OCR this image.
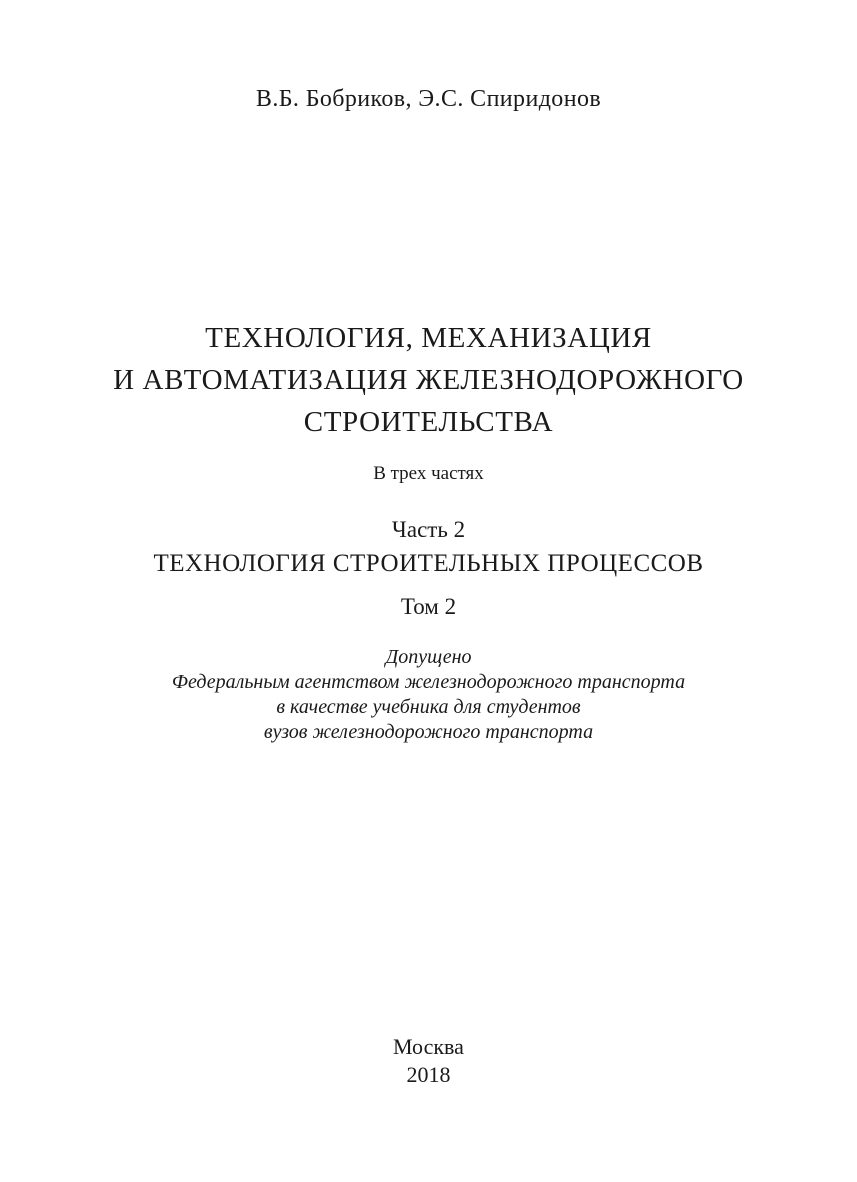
В.Б. Бобриков, Э.С. Спиридонов
ТЕХНОЛОГИЯ, МЕХАНИЗАЦИЯ
И АВТОМАТИЗАЦИЯ ЖЕЛЕЗНОДОРОЖНОГО
СТРОИТЕЛЬСТВА
В трех частях
Часть 2
ТЕХНОЛОГИЯ СТРОИТЕЛЬНЫХ ПРОЦЕССОВ
Том 2
Допущено
Федеральным агентством железнодорожного транспорта
в качестве учебника для студентов
вузов железнодорожного транспорта
Москва
2018
